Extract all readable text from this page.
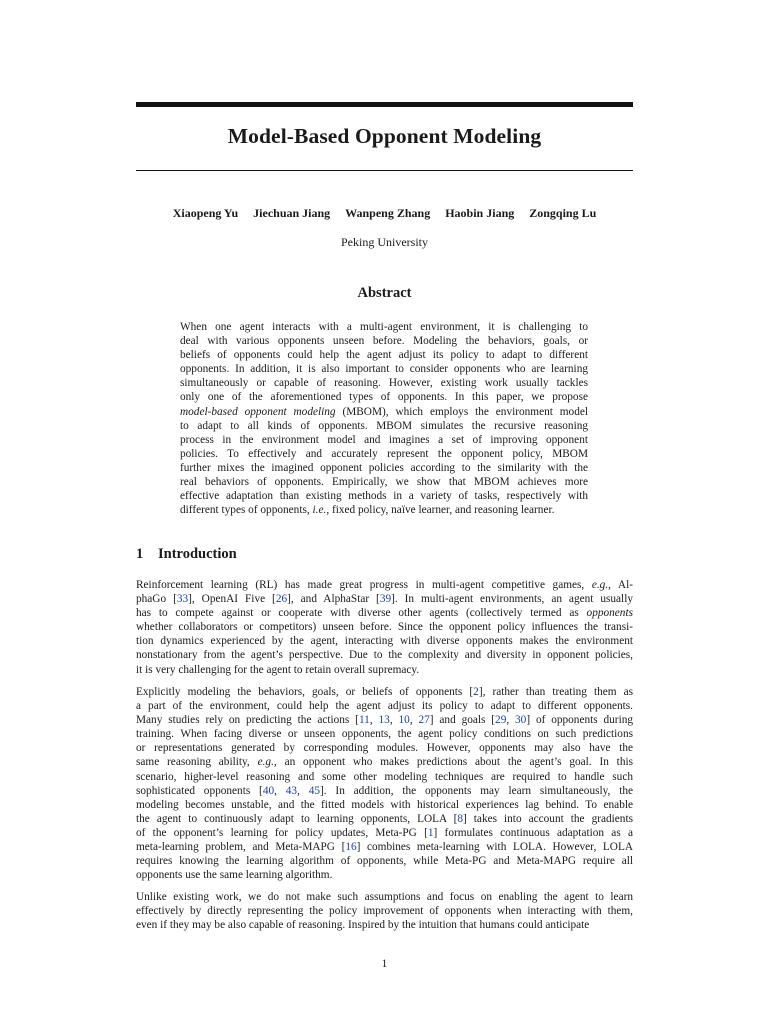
Model-Based Opponent Modeling
Xiaopeng Yu Jiechuan Jiang Wanpeng Zhang Haobin Jiang Zongqing Lu
Peking University
Abstract
When one agent interacts with a multi-agent environment, it is challenging to
deal with various opponents unseen before. Modeling the behaviors, goals, or
beliefs of opponents could help the agent adjust its policy to adapt to different
opponents. In addition, it is also important to consider opponents who are learning
simultaneously or capable of reasoning. However, existing work usually tackles
only one of the aforementioned types of opponents. In this paper, we propose
model-based opponent modeling (MBOM), which employs the environment model
to adapt to all kinds of opponents. MBOM simulates the recursive reasoning
process in the environment model and imagines a set of improving opponent
policies. To effectively and accurately represent the opponent policy, MBOM
further mixes the imagined opponent policies according to the similarity with the
real behaviors of opponents. Empirically, we show that MBOM achieves more
effective adaptation than existing methods in a variety of tasks, respectively with
different types of opponents, i.e., fixed policy, naïve learner, and reasoning learner.
1 Introduction
Reinforcement learning (RL) has made great progress in multi-agent competitive games, e.g., Al-
phaGo [33], OpenAI Five [26], and AlphaStar [39]. In multi-agent environments, an agent usually
has to compete against or cooperate with diverse other agents (collectively termed as opponents
whether collaborators or competitors) unseen before. Since the opponent policy influences the transi-
tion dynamics experienced by the agent, interacting with diverse opponents makes the environment
nonstationary from the agent’s perspective. Due to the complexity and diversity in opponent policies,
it is very challenging for the agent to retain overall supremacy.
Explicitly modeling the behaviors, goals, or beliefs of opponents [2], rather than treating them as
a part of the environment, could help the agent adjust its policy to adapt to different opponents.
Many studies rely on predicting the actions [11, 13, 10, 27] and goals [29, 30] of opponents during
training. When facing diverse or unseen opponents, the agent policy conditions on such predictions
or representations generated by corresponding modules. However, opponents may also have the
same reasoning ability, e.g., an opponent who makes predictions about the agent’s goal. In this
scenario, higher-level reasoning and some other modeling techniques are required to handle such
sophisticated opponents [40, 43, 45]. In addition, the opponents may learn simultaneously, the
modeling becomes unstable, and the fitted models with historical experiences lag behind. To enable
the agent to continuously adapt to learning opponents, LOLA [8] takes into account the gradients
of the opponent’s learning for policy updates, Meta-PG [1] formulates continuous adaptation as a
meta-learning problem, and Meta-MAPG [16] combines meta-learning with LOLA. However, LOLA
requires knowing the learning algorithm of opponents, while Meta-PG and Meta-MAPG require all
opponents use the same learning algorithm.
Unlike existing work, we do not make such assumptions and focus on enabling the agent to learn
effectively by directly representing the policy improvement of opponents when interacting with them,
even if they may be also capable of reasoning. Inspired by the intuition that humans could anticipate
1
